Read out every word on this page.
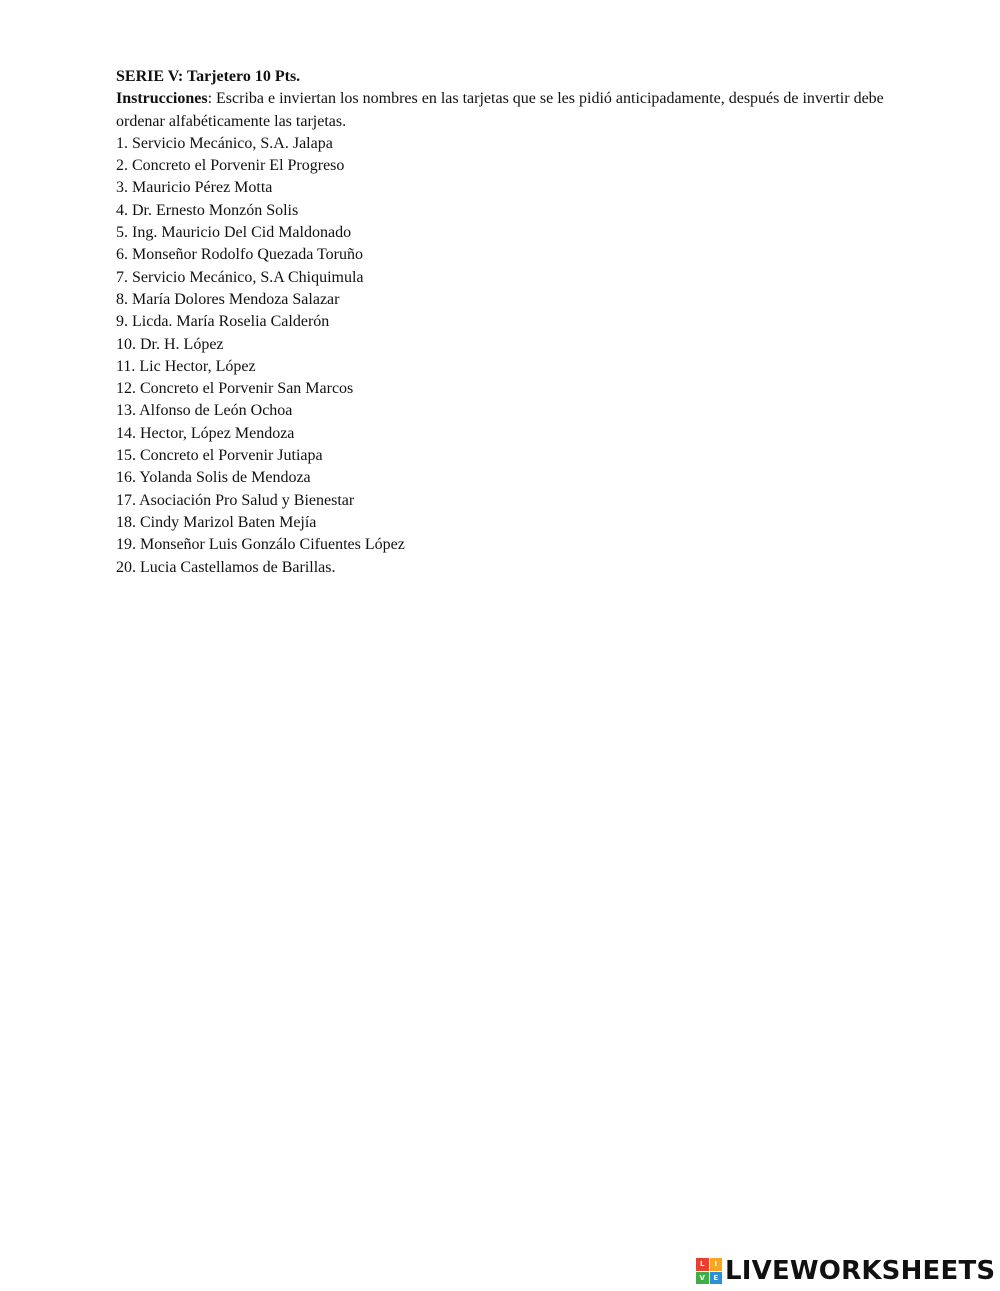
SERIE V: Tarjetero 10 Pts.
Instrucciones: Escriba e inviertan los nombres en las tarjetas que se les pidió anticipadamente, después de invertir debe ordenar alfabéticamente las tarjetas.
1. Servicio Mecánico, S.A. Jalapa
2. Concreto el Porvenir El Progreso
3. Mauricio Pérez Motta
4. Dr. Ernesto Monzón Solis
5. Ing. Mauricio Del Cid Maldonado
6. Monseñor Rodolfo Quezada Toruño
7. Servicio Mecánico, S.A Chiquimula
8. María Dolores Mendoza Salazar
9. Licda. María Roselia Calderón
10. Dr. H. López
11. Lic Hector, López
12. Concreto el Porvenir San Marcos
13. Alfonso de León Ochoa
14. Hector, López Mendoza
15. Concreto el Porvenir Jutiapa
16. Yolanda Solis de Mendoza
17. Asociación Pro Salud y Bienestar
18. Cindy Marizol Baten Mejía
19. Monseñor Luis Gonzálo Cifuentes López
20. Lucia Castellamos de Barillas.
L	I
V	E LIVEWORKSHEETS
